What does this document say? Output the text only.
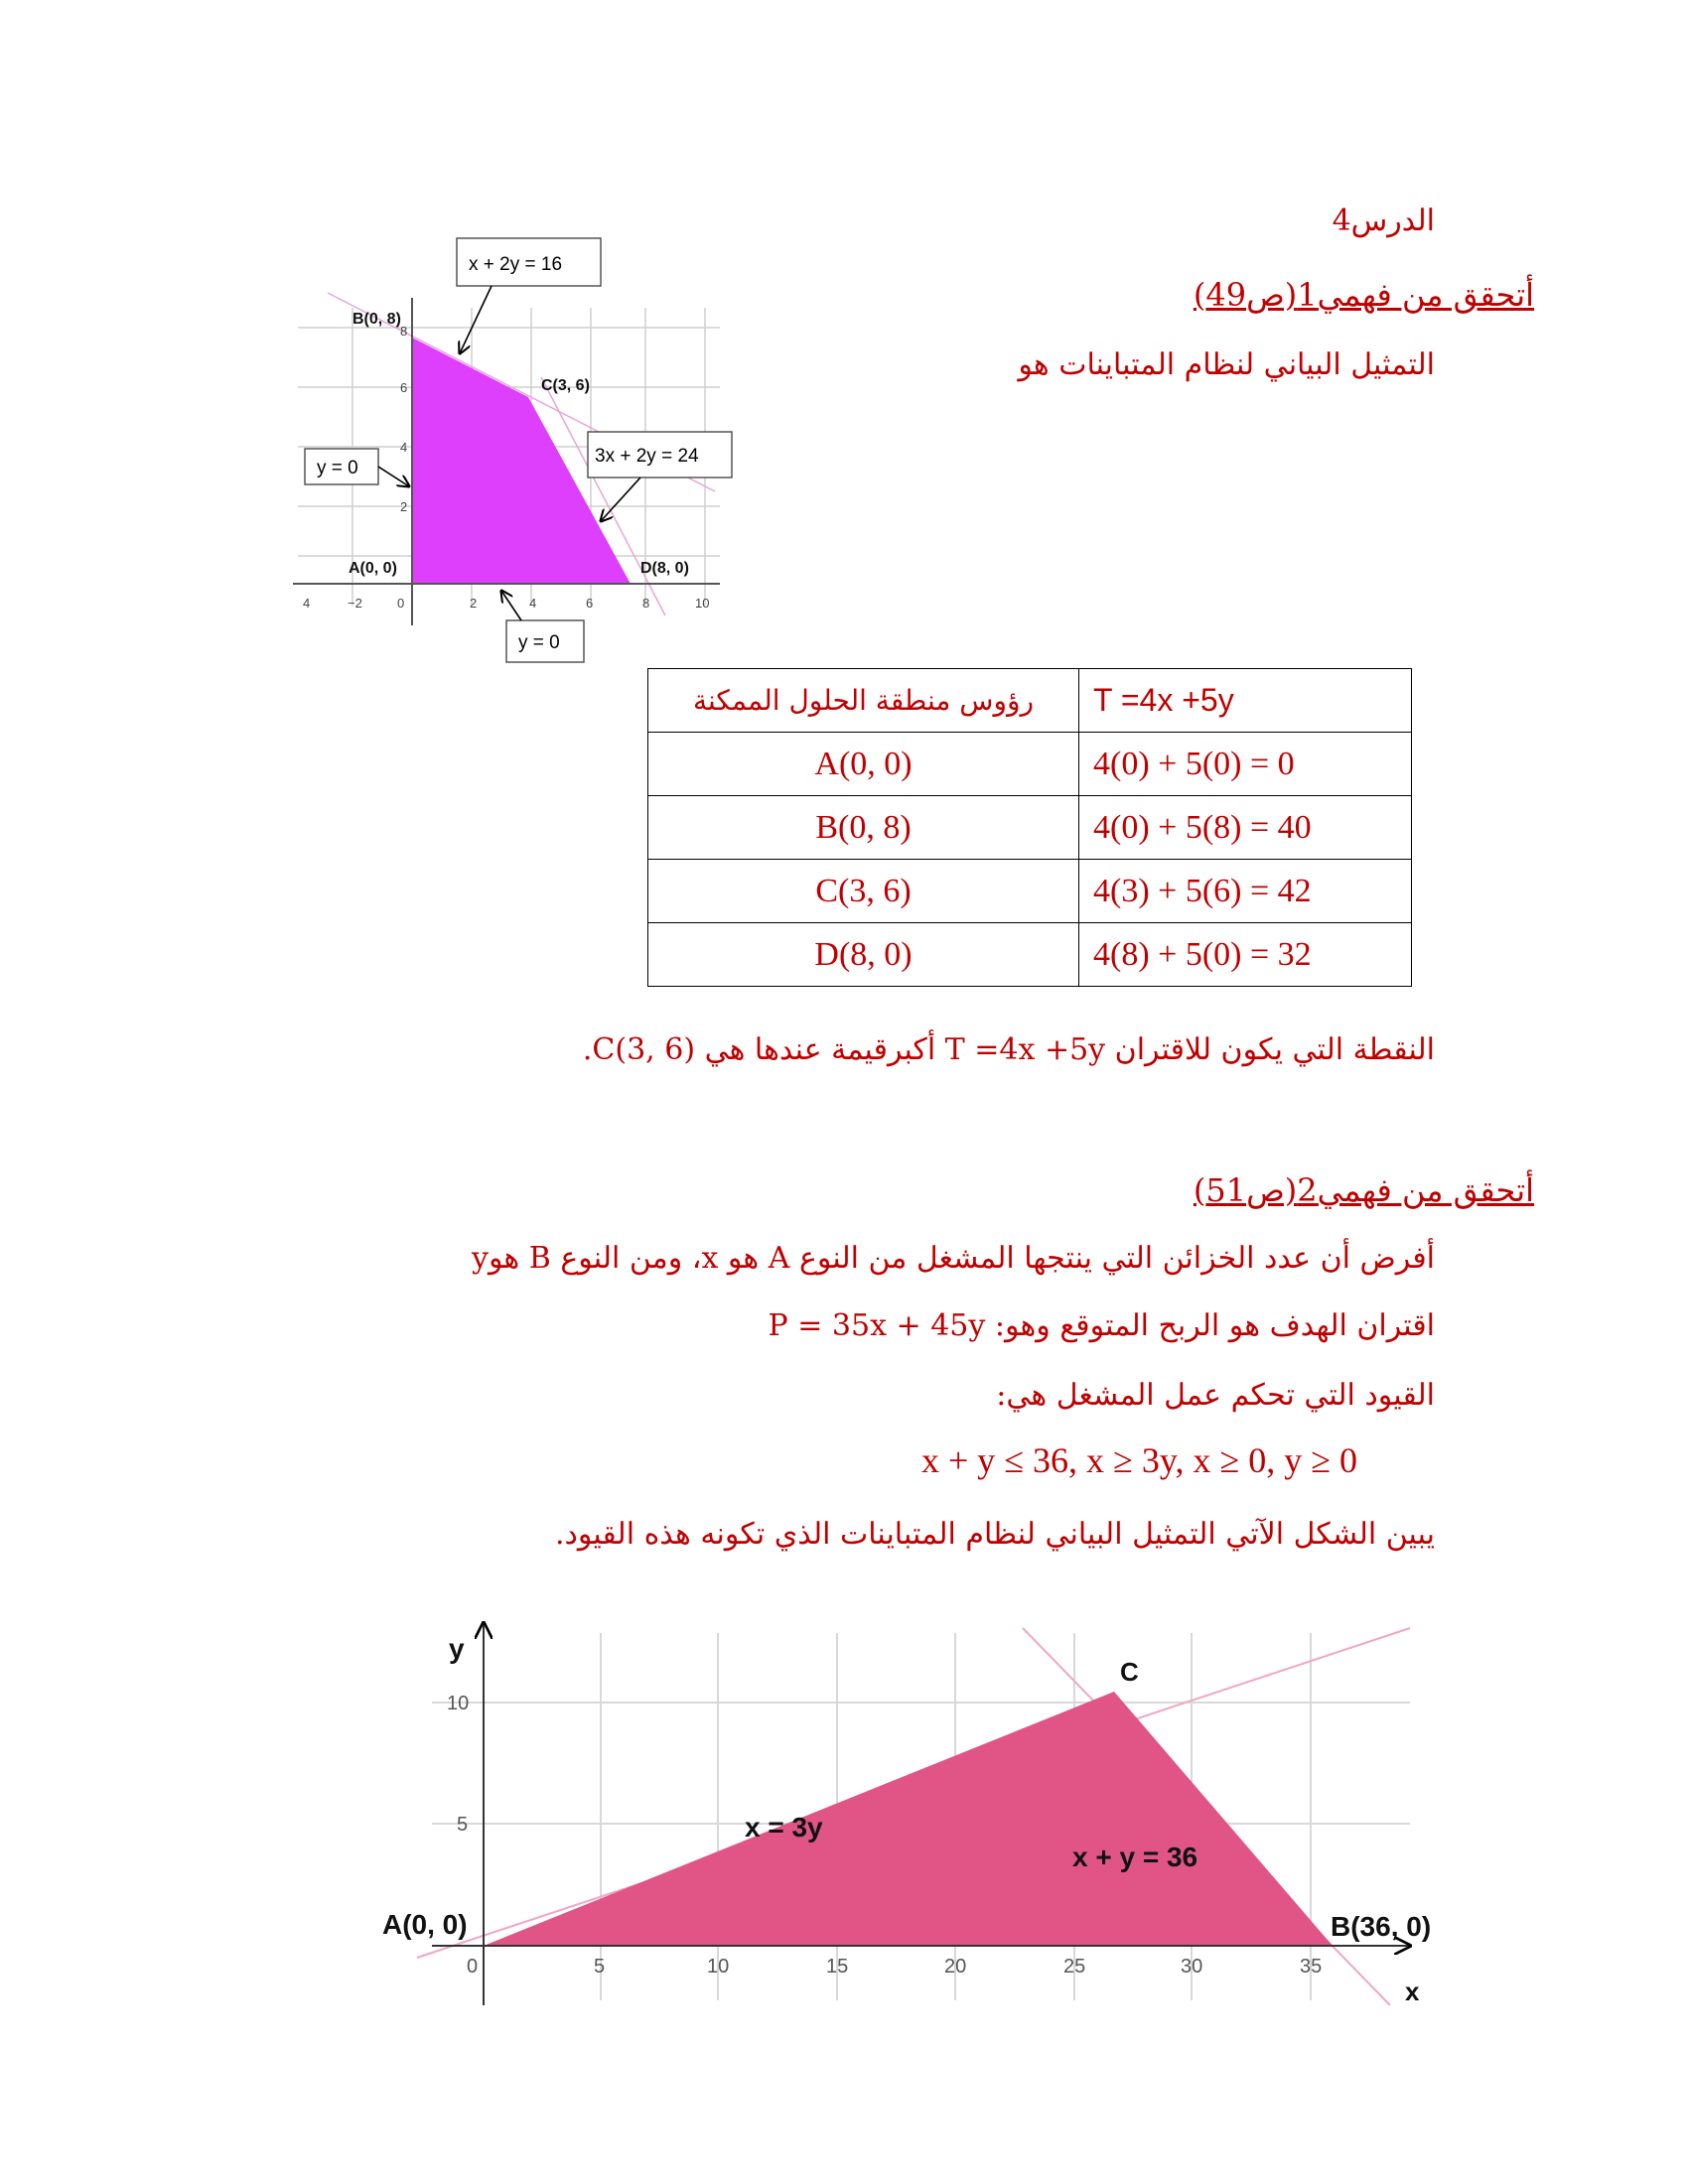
الدرس4
أتحقق من فهمي1(ص49)
التمثيل البياني لنظام المتباينات هو
4	−2	0	2	4	6	8	10
8
6
4
2
B(0, 8)
C(3, 6)
A(0, 0)	D(8, 0)
x + 2y = 16
3x + 2y = 24
y = 0
y = 0
رؤوس منطقة الحلول الممكنة	T =4x +5y
A(0, 0)	4(0) + 5(0) = 0
B(0, 8)	4(0) + 5(8) = 40
C(3, 6)	4(3) + 5(6) = 42
D(8, 0)	4(8) + 5(0) = 32
النقطة التي يكون للاقتران T =4x +5y أكبرقيمة عندها هي C(3, 6).
أتحقق من فهمي2(ص51)
أفرض أن عدد الخزائن التي ينتجها المشغل من النوع A هو x، ومن النوع B هوy
اقتران الهدف هو الربح المتوقع وهو: P = 35x + 45y
القيود التي تحكم عمل المشغل هي:
x + y ≤ 36, x ≥ 3y, x ≥ 0, y ≥ 0
يبين الشكل الآتي التمثيل البياني لنظام المتباينات الذي تكونه هذه القيود.
0	5	10	15	20	25	30	35
10
5
y
x
A(0, 0)	B(36, 0)
C
x = 3y
x + y = 36
